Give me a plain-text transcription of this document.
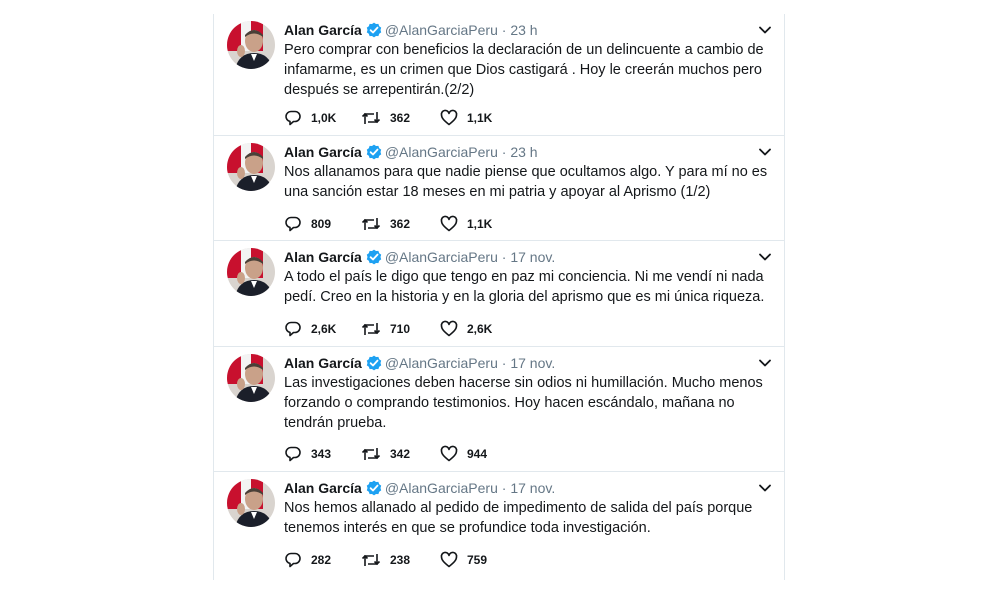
Alan García @AlanGarciaPeru · 23 h
Pero comprar con beneficios la declaración de un delincuente a cambio de infamarme, es un crimen que Dios castigará . Hoy le creerán muchos pero después se arrepentirán.(2/2)
1,0K	362	1,1K
Alan García @AlanGarciaPeru · 23 h
Nos allanamos para que nadie piense que ocultamos algo. Y para mí no es una sanción estar 18 meses en mi patria y apoyar al Aprismo (1/2)
809	362	1,1K
Alan García @AlanGarciaPeru · 17 nov.
A todo el país le digo que tengo en paz mi conciencia. Ni me vendí ni nada pedí. Creo en la historia y en la gloria del aprismo que es mi única riqueza.
2,6K	710	2,6K
Alan García @AlanGarciaPeru · 17 nov.
Las investigaciones deben hacerse sin odios ni humillación. Mucho menos forzando o comprando testimonios. Hoy hacen escándalo, mañana no tendrán prueba.
343	342	944
Alan García @AlanGarciaPeru · 17 nov.
Nos hemos allanado al pedido de impedimento de salida del país porque tenemos interés en que se profundice toda investigación.
282	238	759
